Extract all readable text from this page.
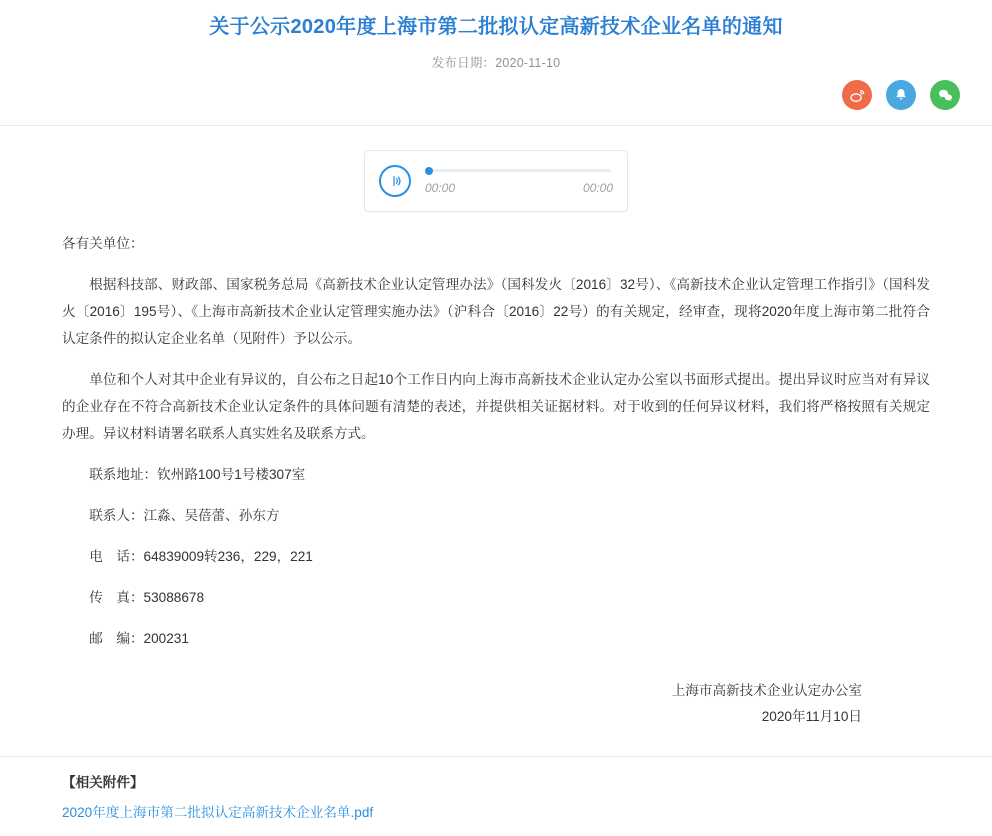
关于公示2020年度上海市第二批拟认定高新技术企业名单的通知
发布日期：2020-11-10
00:00	00:00

各有关单位：

根据科技部、财政部、国家税务总局《高新技术企业认定管理办法》（国科发火〔2016〕32号）、《高新技术企业认定管理工作指引》（国科发火〔2016〕195号）、《上海市高新技术企业认定管理实施办法》（沪科合〔2016〕22号）的有关规定，经审查，现将2020年度上海市第二批符合认定条件的拟认定企业名单（见附件）予以公示。

单位和个人对其中企业有异议的，自公布之日起10个工作日内向上海市高新技术企业认定办公室以书面形式提出。提出异议时应当对有异议的企业存在不符合高新技术企业认定条件的具体问题有清楚的表述，并提供相关证据材料。对于收到的任何异议材料，我们将严格按照有关规定办理。异议材料请署名联系人真实姓名及联系方式。

联系地址：钦州路100号1号楼307室

联系人：江淼、吴蓓蕾、孙东方

电　话：64839009转236，229，221

传　真：53088678

邮　编：200231

上海市高新技术企业认定办公室
2020年11月10日
【相关附件】
2020年度上海市第二批拟认定高新技术企业名单.pdf
